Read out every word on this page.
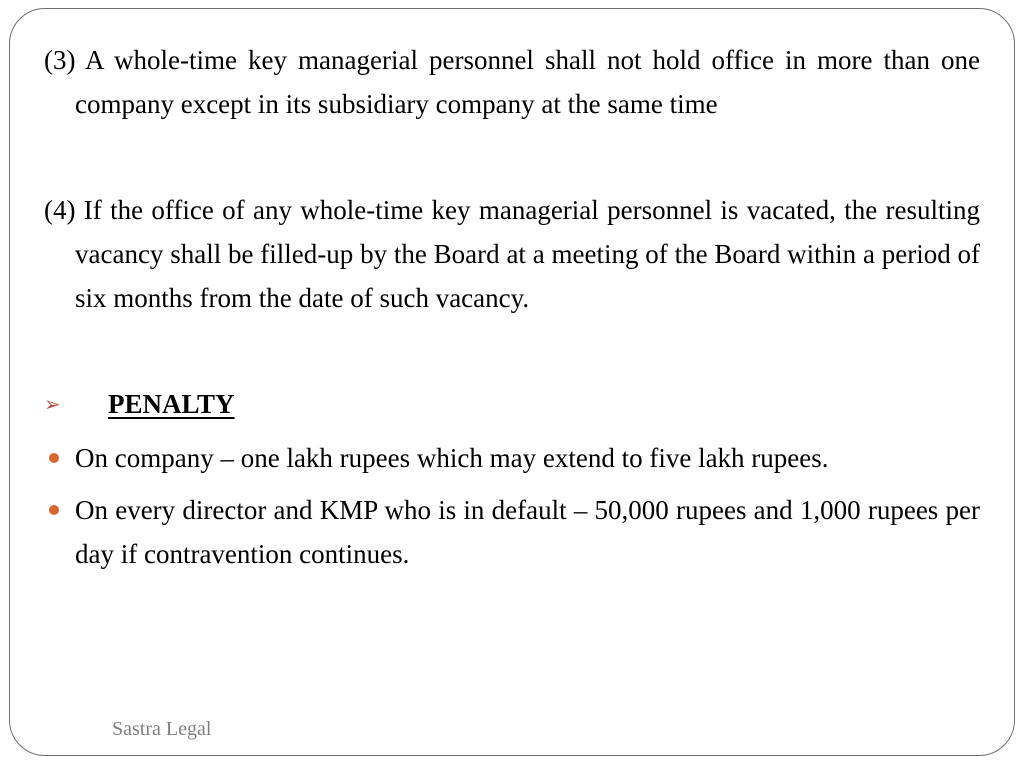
(3) A whole-time key managerial personnel shall not hold office in more than one company except in its subsidiary company at the same time

(4) If the office of any whole-time key managerial personnel is vacated, the resulting vacancy shall be filled-up by the Board at a meeting of the Board within a period of six months from the date of such vacancy.

➢ PENALTY
On company – one lakh rupees which may extend to five lakh rupees.
On every director and KMP who is in default – 50,000 rupees and 1,000 rupees per day if contravention continues.
Sastra Legal
